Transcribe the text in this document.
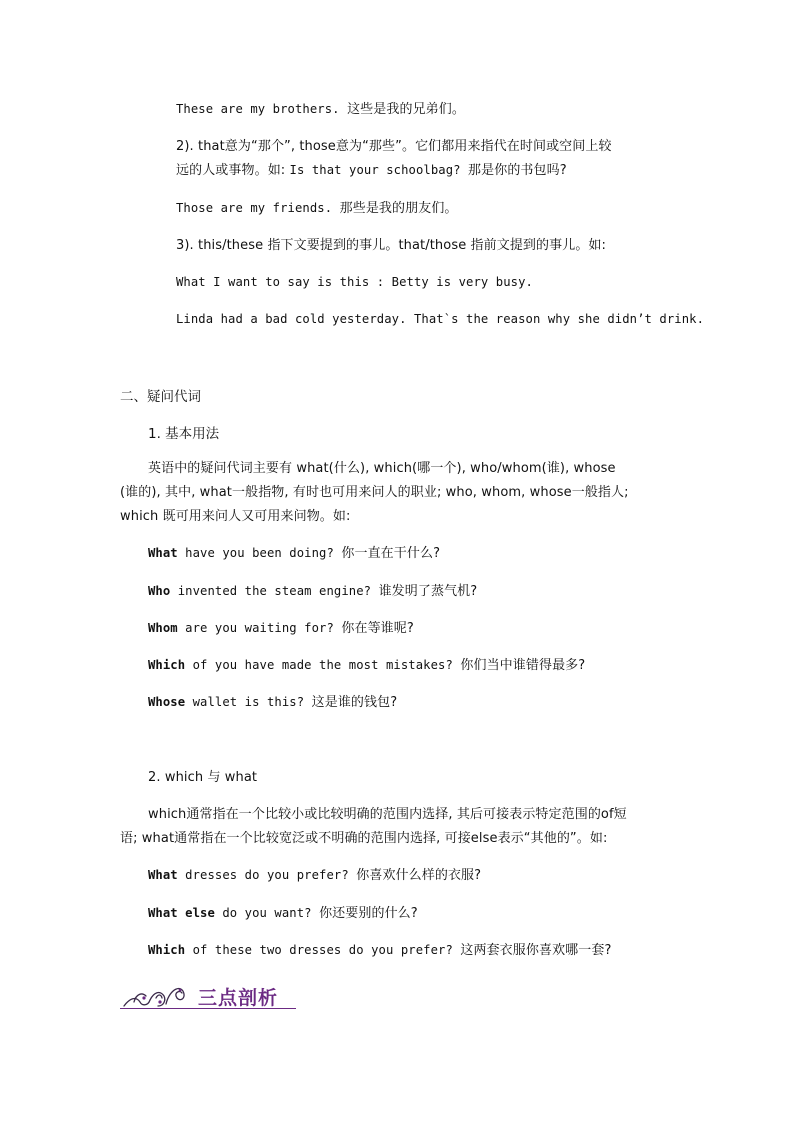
These are my brothers. 这些是我的兄弟们。
2). that意为“那个”, those意为“那些”。它们都用来指代在时间或空间上较
远的人或事物。如: Is that your schoolbag? 那是你的书包吗?
Those are my friends. 那些是我的朋友们。
3). this/these 指下文要提到的事儿。that/those 指前文提到的事儿。如:
What I want to say is this : Betty is very busy.
Linda had a bad cold yesterday. That`s the reason why she didn’t drink.
二、疑问代词
1. 基本用法
英语中的疑问代词主要有 what(什么), which(哪一个), who/whom(谁), whose
(谁的), 其中, what一般指物, 有时也可用来问人的职业; who, whom, whose一般指人;
which 既可用来问人又可用来问物。如:
What have you been doing? 你一直在干什么?
Who invented the steam engine? 谁发明了蒸气机?
Whom are you waiting for? 你在等谁呢?
Which of you have made the most mistakes? 你们当中谁错得最多?
Whose wallet is this? 这是谁的钱包?
2. which 与 what
which通常指在一个比较小或比较明确的范围内选择, 其后可接表示特定范围的of短
语; what通常指在一个比较宽泛或不明确的范围内选择, 可接else表示“其他的”。如:
What dresses do you prefer? 你喜欢什么样的衣服?
What else do you want? 你还要别的什么?
Which of these two dresses do you prefer? 这两套衣服你喜欢哪一套?
三点剖析
